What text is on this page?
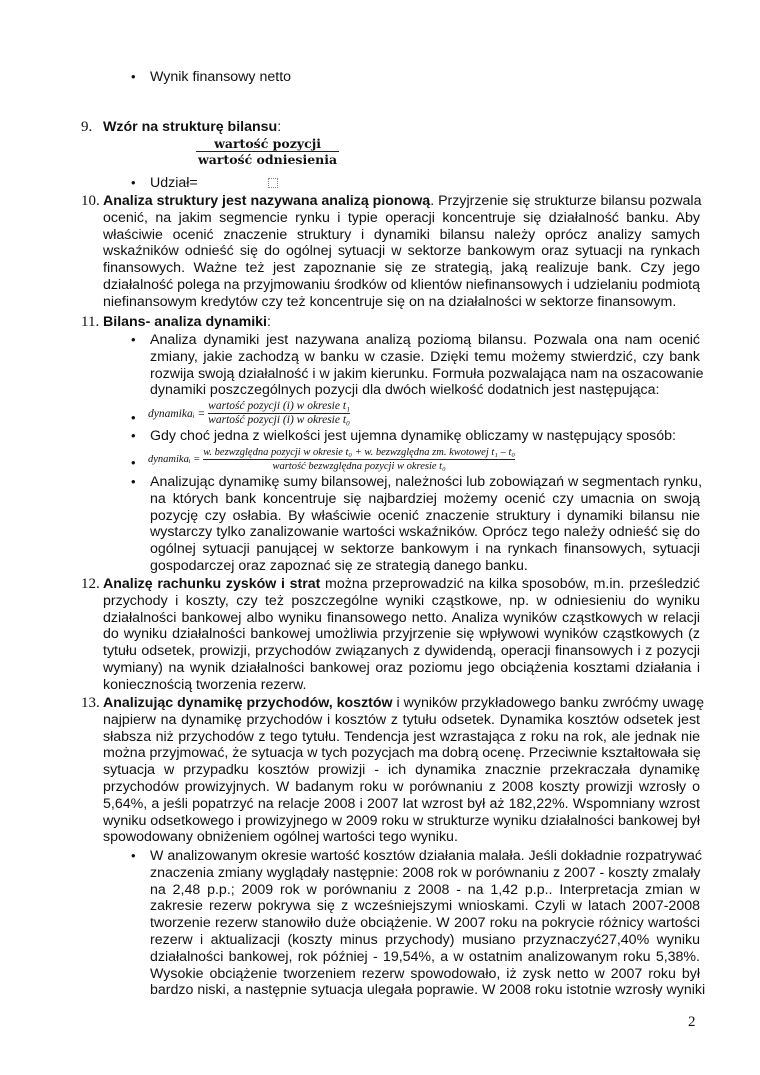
• Wynik finansowy netto
9. Wzór na strukturę bilansu:
wartość pozycji
wartość odniesienia
• Udział=
10. Analiza struktury jest nazywana analizą pionową. Przyjrzenie się strukturze bilansu pozwala
ocenić, na jakim segmencie rynku i typie operacji koncentruje się działalność banku. Aby
właściwie ocenić znaczenie struktury i dynamiki bilansu należy oprócz analizy samych
wskaźników odnieść się do ogólnej sytuacji w sektorze bankowym oraz sytuacji na rynkach
finansowych. Ważne też jest zapoznanie się ze strategią, jaką realizuje bank. Czy jego
działalność polega na przyjmowaniu środków od klientów niefinansowych i udzielaniu podmiotą
niefinansowym kredytów czy też koncentruje się on na działalności w sektorze finansowym.
11. Bilans- analiza dynamiki:
• Analiza dynamiki jest nazywana analizą poziomą bilansu. Pozwala ona nam ocenić
zmiany, jakie zachodzą w banku w czasie. Dzięki temu możemy stwierdzić, czy bank
rozwija swoją działalność i w jakim kierunku. Formuła pozwalająca nam na oszacowanie
dynamiki poszczególnych pozycji dla dwóch wielkość dodatnich jest następująca:
• dynamikaᵢ =
wartość pozycji (i) w okresie t₁
wartość pozycji (i) w okresie t₀
• Gdy choć jedna z wielkości jest ujemna dynamikę obliczamy w następujący sposób:
• dynamikaᵢ =
w. bezwzględna pozycji w okresie t₀ + w. bezwzględna zm. kwotowej t₁ – t₀
wartość bezwzględna pozycji w okresie t₀
• Analizując dynamikę sumy bilansowej, należności lub zobowiązań w segmentach rynku,
na których bank koncentruje się najbardziej możemy ocenić czy umacnia on swoją
pozycję czy osłabia. By właściwie ocenić znaczenie struktury i dynamiki bilansu nie
wystarczy tylko zanalizowanie wartości wskaźników. Oprócz tego należy odnieść się do
ogólnej sytuacji panującej w sektorze bankowym i na rynkach finansowych, sytuacji
gospodarczej oraz zapoznać się ze strategią danego banku.
12. Analizę rachunku zysków i strat można przeprowadzić na kilka sposobów, m.in. prześledzić
przychody i koszty, czy też poszczególne wyniki cząstkowe, np. w odniesieniu do wyniku
działalności bankowej albo wyniku finansowego netto. Analiza wyników cząstkowych w relacji
do wyniku działalności bankowej umożliwia przyjrzenie się wpływowi wyników cząstkowych (z
tytułu odsetek, prowizji, przychodów związanych z dywidendą, operacji finansowych i z pozycji
wymiany) na wynik działalności bankowej oraz poziomu jego obciążenia kosztami działania i
koniecznością tworzenia rezerw.
13. Analizując dynamikę przychodów, kosztów i wyników przykładowego banku zwróćmy uwagę
najpierw na dynamikę przychodów i kosztów z tytułu odsetek. Dynamika kosztów odsetek jest
słabsza niż przychodów z tego tytułu. Tendencja jest wzrastająca z roku na rok, ale jednak nie
można przyjmować, że sytuacja w tych pozycjach ma dobrą ocenę. Przeciwnie kształtowała się
sytuacja w przypadku kosztów prowizji - ich dynamika znacznie przekraczała dynamikę
przychodów prowizyjnych. W badanym roku w porównaniu z 2008 koszty prowizji wzrosły o
5,64%, a jeśli popatrzyć na relacje 2008 i 2007 lat wzrost był aż 182,22%. Wspomniany wzrost
wyniku odsetkowego i prowizyjnego w 2009 roku w strukturze wyniku działalności bankowej był
spowodowany obniżeniem ogólnej wartości tego wyniku.
• W analizowanym okresie wartość kosztów działania malała. Jeśli dokładnie rozpatrywać
znaczenia zmiany wyglądały następnie: 2008 rok w porównaniu z 2007 - koszty zmalały
na 2,48 p.p.; 2009 rok w porównaniu z 2008 - na 1,42 p.p.. Interpretacja zmian w
zakresie rezerw pokrywa się z wcześniejszymi wnioskami. Czyli w latach 2007-2008
tworzenie rezerw stanowiło duże obciążenie. W 2007 roku na pokrycie różnicy wartości
rezerw i aktualizacji (koszty minus przychody) musiano przyznaczyć27,40% wyniku
działalności bankowej, rok później - 19,54%, a w ostatnim analizowanym roku 5,38%.
Wysokie obciążenie tworzeniem rezerw spowodowało, iż zysk netto w 2007 roku był
bardzo niski, a następnie sytuacja ulegała poprawie. W 2008 roku istotnie wzrosły wyniki
2
